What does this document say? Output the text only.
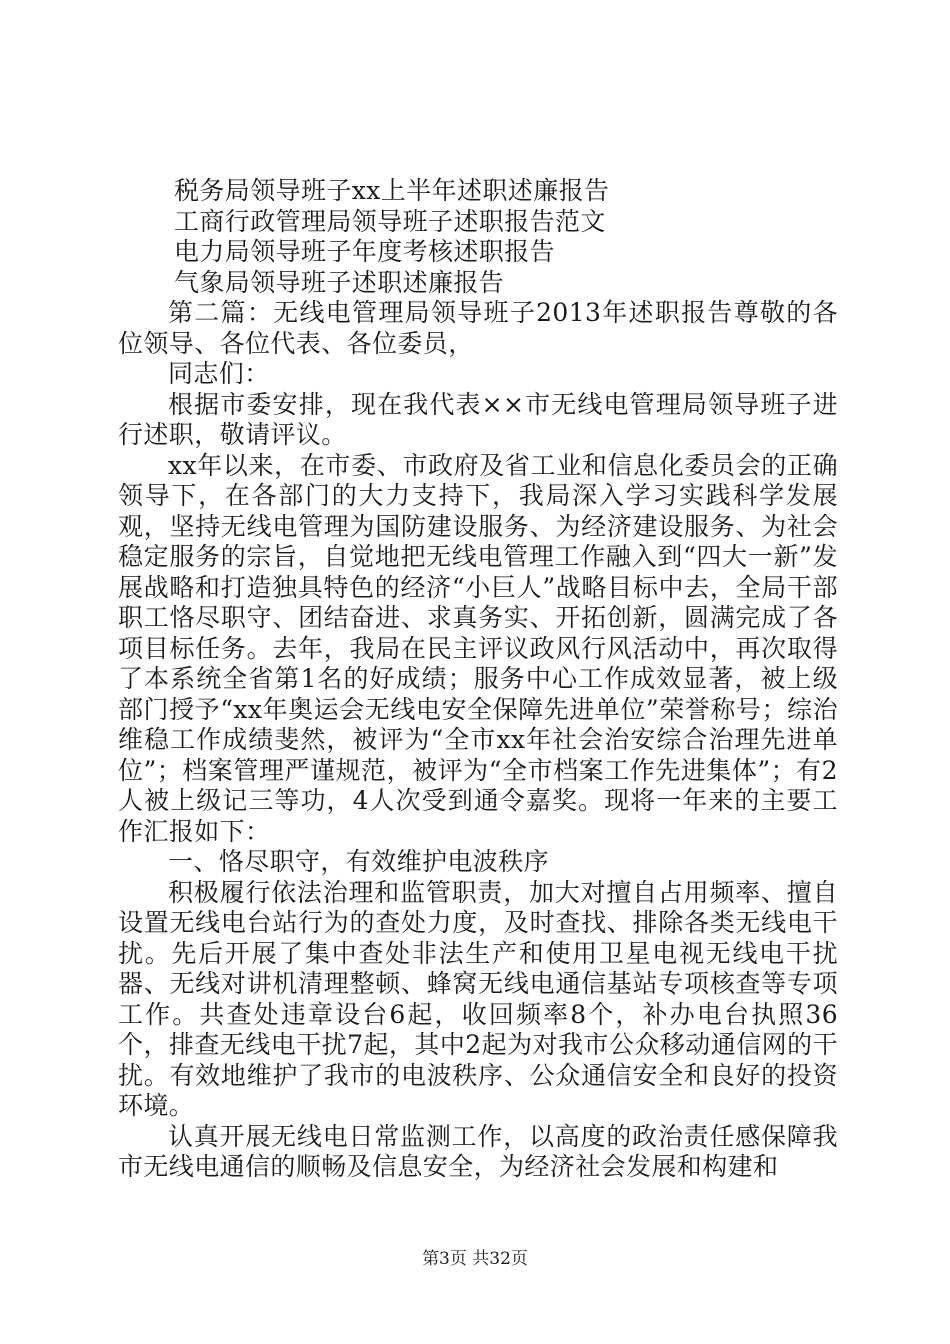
税务局领导班子xx上半年述职述廉报告
工商行政管理局领导班子述职报告范文
电力局领导班子年度考核述职报告
气象局领导班子述职述廉报告

第二篇：无线电管理局领导班子2013年述职报告尊敬的各位领导、各位代表、各位委员，

同志们：

根据市委安排，现在我代表××市无线电管理局领导班子进行述职，敬请评议。

xx年以来，在市委、市政府及省工业和信息化委员会的正确领导下，在各部门的大力支持下，我局深入学习实践科学发展观，坚持无线电管理为国防建设服务、为经济建设服务、为社会稳定服务的宗旨，自觉地把无线电管理工作融入到“四大一新”发展战略和打造独具特色的经济“小巨人”战略目标中去，全局干部职工恪尽职守、团结奋进、求真务实、开拓创新，圆满完成了各项目标任务。去年，我局在民主评议政风行风活动中，再次取得了本系统全省第1名的好成绩；服务中心工作成效显著，被上级部门授予“xx年奥运会无线电安全保障先进单位”荣誉称号；综治维稳工作成绩斐然，被评为“全市xx年社会治安综合治理先进单位”；档案管理严谨规范，被评为“全市档案工作先进集体”；有2人被上级记三等功，4人次受到通令嘉奖。现将一年来的主要工作汇报如下：

一、恪尽职守，有效维护电波秩序

积极履行依法治理和监管职责，加大对擅自占用频率、擅自设置无线电台站行为的查处力度，及时查找、排除各类无线电干扰。先后开展了集中查处非法生产和使用卫星电视无线电干扰器、无线对讲机清理整顿、蜂窝无线电通信基站专项核查等专项工作。共查处违章设台6起，收回频率8个，补办电台执照36个，排查无线电干扰7起，其中2起为对我市公众移动通信网的干扰。有效地维护了我市的电波秩序、公众通信安全和良好的投资环境。

认真开展无线电日常监测工作，以高度的政治责任感保障我市无线电通信的顺畅及信息安全，为经济社会发展和构建和

第3页 共32页
